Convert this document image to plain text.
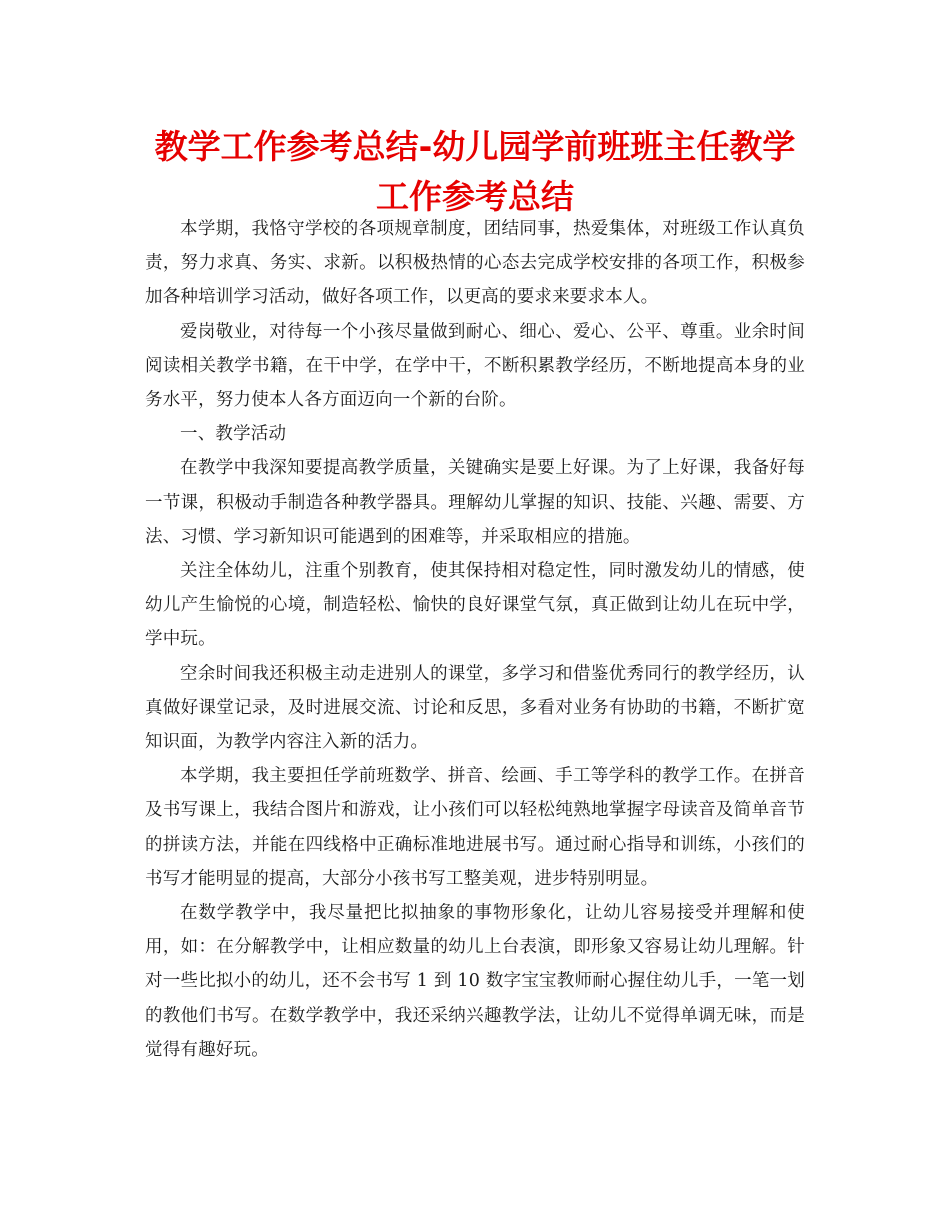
教学工作参考总结-幼儿园学前班班主任教学工作参考总结

本学期，我恪守学校的各项规章制度，团结同事，热爱集体，对班级工作认真负责，努力求真、务实、求新。以积极热情的心态去完成学校安排的各项工作，积极参加各种培训学习活动，做好各项工作，以更高的要求来要求本人。

爱岗敬业，对待每一个小孩尽量做到耐心、细心、爱心、公平、尊重。业余时间阅读相关教学书籍，在干中学，在学中干，不断积累教学经历，不断地提高本身的业务水平，努力使本人各方面迈向一个新的台阶。

一、教学活动

在教学中我深知要提高教学质量，关键确实是要上好课。为了上好课，我备好每一节课，积极动手制造各种教学器具。理解幼儿掌握的知识、技能、兴趣、需要、方法、习惯、学习新知识可能遇到的困难等，并采取相应的措施。

关注全体幼儿，注重个别教育，使其保持相对稳定性，同时激发幼儿的情感，使幼儿产生愉悦的心境，制造轻松、愉快的良好课堂气氛，真正做到让幼儿在玩中学，学中玩。

空余时间我还积极主动走进别人的课堂，多学习和借鉴优秀同行的教学经历，认真做好课堂记录，及时进展交流、讨论和反思，多看对业务有协助的书籍，不断扩宽知识面，为教学内容注入新的活力。

本学期，我主要担任学前班数学、拼音、绘画、手工等学科的教学工作。在拼音及书写课上，我结合图片和游戏，让小孩们可以轻松纯熟地掌握字母读音及简单音节的拼读方法，并能在四线格中正确标准地进展书写。通过耐心指导和训练，小孩们的书写才能明显的提高，大部分小孩书写工整美观，进步特别明显。

在数学教学中，我尽量把比拟抽象的事物形象化，让幼儿容易接受并理解和使用，如：在分解教学中，让相应数量的幼儿上台表演，即形象又容易让幼儿理解。针对一些比拟小的幼儿，还不会书写 1 到 10 数字宝宝教师耐心握住幼儿手，一笔一划的教他们书写。在数学教学中，我还采纳兴趣教学法，让幼儿不觉得单调无味，而是觉得有趣好玩。
